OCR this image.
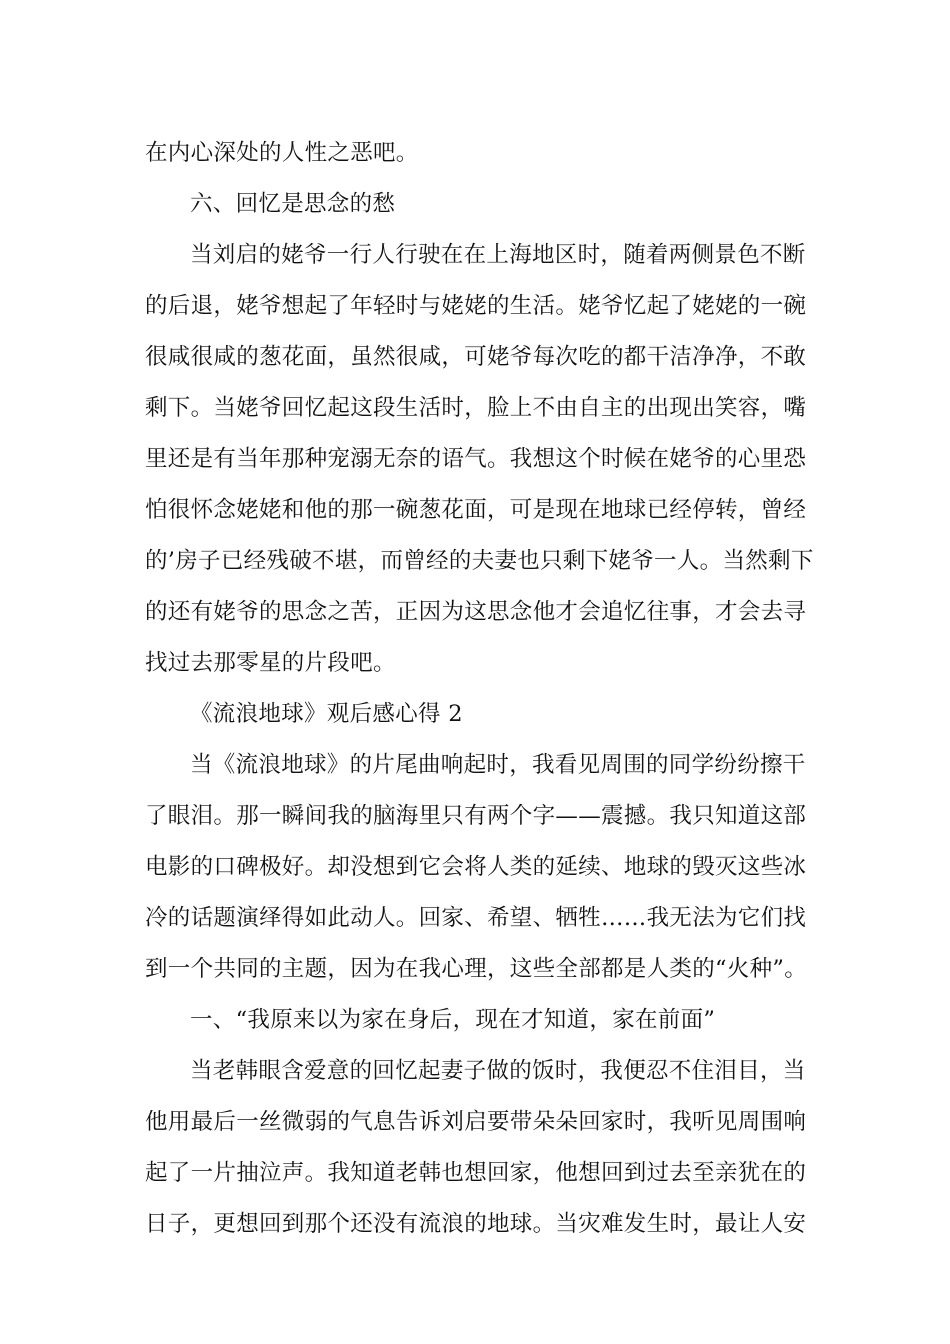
在内心深处的人性之恶吧。
六、回忆是思念的愁
当刘启的姥爷一行人行驶在在上海地区时，随着两侧景色不断
的后退，姥爷想起了年轻时与姥姥的生活。姥爷忆起了姥姥的一碗
很咸很咸的葱花面，虽然很咸，可姥爷每次吃的都干洁净净，不敢
剩下。当姥爷回忆起这段生活时，脸上不由自主的出现出笑容，嘴
里还是有当年那种宠溺无奈的语气。我想这个时候在姥爷的心里恐
怕很怀念姥姥和他的那一碗葱花面，可是现在地球已经停转，曾经
的’房子已经残破不堪，而曾经的夫妻也只剩下姥爷一人。当然剩下
的还有姥爷的思念之苦，正因为这思念他才会追忆往事，才会去寻
找过去那零星的片段吧。
《流浪地球》观后感心得 2
当《流浪地球》的片尾曲响起时，我看见周围的同学纷纷擦干
了眼泪。那一瞬间我的脑海里只有两个字——震撼。我只知道这部
电影的口碑极好。却没想到它会将人类的延续、地球的毁灭这些冰
冷的话题演绎得如此动人。回家、希望、牺牲……我无法为它们找
到一个共同的主题，因为在我心理，这些全部都是人类的“火种”。
一、“我原来以为家在身后，现在才知道，家在前面”
当老韩眼含爱意的回忆起妻子做的饭时，我便忍不住泪目，当
他用最后一丝微弱的气息告诉刘启要带朵朵回家时，我听见周围响
起了一片抽泣声。我知道老韩也想回家，他想回到过去至亲犹在的
日子，更想回到那个还没有流浪的地球。当灾难发生时，最让人安
